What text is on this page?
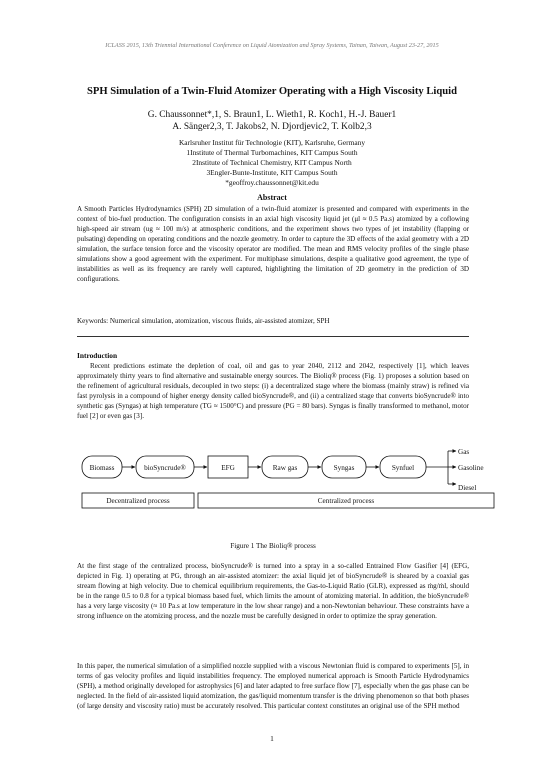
ICLASS 2015, 13th Triennial International Conference on Liquid Atomization and Spray Systems, Tainan, Taiwan, August 23-27, 2015
SPH Simulation of a Twin-Fluid Atomizer Operating with a High Viscosity Liquid
G. Chaussonnet*,1, S. Braun1, L. Wieth1, R. Koch1, H.-J. Bauer1
A. Sänger2,3, T. Jakobs2, N. Djordjevic2, T. Kolb2,3
Karlsruher Institut für Technologie (KIT), Karlsruhe, Germany
1Institute of Thermal Turbomachines, KIT Campus South
2Institute of Technical Chemistry, KIT Campus North
3Engler-Bunte-Institute, KIT Campus South
*geoffroy.chaussonnet@kit.edu
Abstract
A Smooth Particles Hydrodynamics (SPH) 2D simulation of a twin-fluid atomizer is presented and compared with experiments in the context of bio-fuel production. The configuration consists in an axial high viscosity liquid jet (μl ≈ 0.5 Pa.s) atomized by a coflowing high-speed air stream (ug ≈ 100 m/s) at atmospheric conditions, and the experiment shows two types of jet instability (flapping or pulsating) depending on operating conditions and the nozzle geometry. In order to capture the 3D effects of the axial geometry with a 2D simulation, the surface tension force and the viscosity operator are modified. The mean and RMS velocity profiles of the single phase simulations show a good agreement with the experiment. For multiphase simulations, despite a qualitative good agreement, the type of instabilities as well as its frequency are rarely well captured, highlighting the limitation of 2D geometry in the prediction of 3D configurations.
Keywords: Numerical simulation, atomization, viscous fluids, air-assisted atomizer, SPH
Introduction
Recent predictions estimate the depletion of coal, oil and gas to year 2040, 2112 and 2042, respectively [1], which leaves approximately thirty years to find alternative and sustainable energy sources. The Bioliq® process (Fig. 1) proposes a solution based on the refinement of agricultural residuals, decoupled in two steps: (i) a decentralized stage where the biomass (mainly straw) is refined via fast pyrolysis in a compound of higher energy density called bioSyncrude®, and (ii) a centralized stage that converts bioSyncrude® into synthetic gas (Syngas) at high temperature (TG ≈ 1500°C) and pressure (PG = 80 bars). Syngas is finally transformed to methanol, motor fuel [2] or even gas [3].
Biomass	bioSyncrude®	EFG	Raw gas	Syngas	Synfuel
Gas
Gasoline
Diesel
Decentralized process	Centralized process
Figure 1 The Bioliq® process
At the first stage of the centralized process, bioSyncrude® is turned into a spray in a so-called Entrained Flow Gasifier [4] (EFG, depicted in Fig. 1) operating at PG, through an air-assisted atomizer: the axial liquid jet of bioSyncrude® is sheared by a coaxial gas stream flowing at high velocity. Due to chemical equilibrium requirements, the Gas-to-Liquid Ratio (GLR), expressed as ṁg/ṁl, should be in the range 0.5 to 0.8 for a typical biomass based fuel, which limits the amount of atomizing material. In addition, the bioSyncrude® has a very large viscosity (≈ 10 Pa.s at low temperature in the low shear range) and a non-Newtonian behaviour. These constraints have a strong influence on the atomizing process, and the nozzle must be carefully designed in order to optimize the spray generation.
In this paper, the numerical simulation of a simplified nozzle supplied with a viscous Newtonian fluid is compared to experiments [5], in terms of gas velocity profiles and liquid instabilities frequency. The employed numerical approach is Smooth Particle Hydrodynamics (SPH), a method originally developed for astrophysics [6] and later adapted to free surface flow [7], especially when the gas phase can be neglected. In the field of air-assisted liquid atomization, the gas/liquid momentum transfer is the driving phenomenon so that both phases (of large density and viscosity ratio) must be accurately resolved. This particular context constitutes an original use of the SPH method
1
